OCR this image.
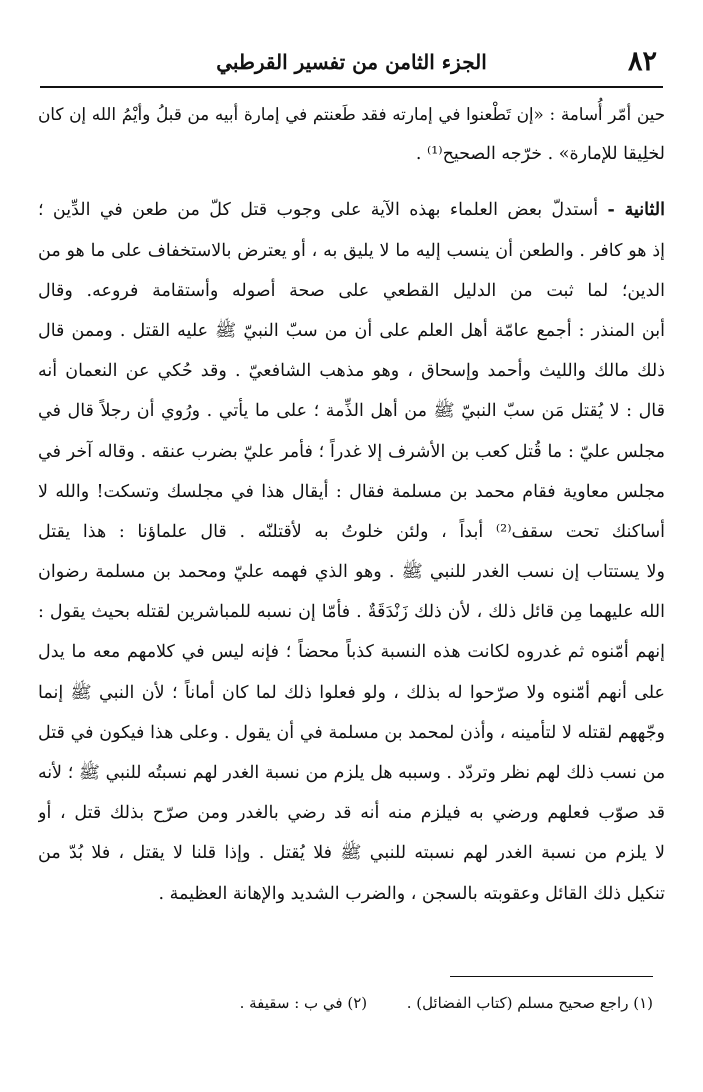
٨٢
الجزء الثامن من تفسير القرطبي
حين أمّر أُسامة : «إن تَطْعنوا في إمارته فقد طَعنتم في إمارة أبيه من قبلُ وأيْمُ الله إن كان
لخلِيقا للإمارة» . خرّجه الصحيح⁽¹⁾ .
الثانية - أستدلّ بعض العلماء بهذه الآية على وجوب قتل كلّ من طعن في الدِّين ؛
إذ هو كافر . والطعن أن ينسب إليه ما لا يليق به ، أو يعترض بالاستخفاف على ما هو من
الدين؛ لما ثبت من الدليل القطعي على صحة أصوله وأستقامة فروعه. وقال
أبن المنذر : أجمع عامّة أهل العلم على أن من سبّ النبيّ ﷺ عليه القتل . وممن قال
ذلك مالك والليث وأحمد وإسحاق ، وهو مذهب الشافعيّ . وقد حُكي عن النعمان أنه
قال : لا يُقتل مَن سبّ النبيّ ﷺ من أهل الذِّمة ؛ على ما يأتي . ورُوي أن رجلاً قال في
مجلس عليّ : ما قُتل كعب بن الأشرف إلا غدراً ؛ فأمر عليّ بضرب عنقه . وقاله آخر في
مجلس معاوية فقام محمد بن مسلمة فقال : أيقال هذا في مجلسك وتسكت! والله لا
أساكنك تحت سقف⁽²⁾ أبداً ، ولئن خلوتُ به لأقتلنّه . قال علماؤنا : هذا يقتل
ولا يستتاب إن نسب الغدر للنبي ﷺ . وهو الذي فهمه عليّ ومحمد بن مسلمة رضوان
الله عليهما مِن قائل ذلك ، لأن ذلك زَنْدَقَةٌ . فأمّا إن نسبه للمباشرين لقتله بحيث يقول :
إنهم أمّنوه ثم غدروه لكانت هذه النسبة كذباً محضاً ؛ فإنه ليس في كلامهم معه ما يدل
على أنهم أمّنوه ولا صرّحوا له بذلك ، ولو فعلوا ذلك لما كان أماناً ؛ لأن النبي ﷺ إنما
وجّههم لقتله لا لتأمينه ، وأذن لمحمد بن مسلمة في أن يقول . وعلى هذا فيكون في قتل
من نسب ذلك لهم نظر وتردّد . وسببه هل يلزم من نسبة الغدر لهم نسبتُه للنبي ﷺ ؛ لأنه
قد صوّب فعلهم ورضي به فيلزم منه أنه قد رضي بالغدر ومن صرّح بذلك قتل ، أو
لا يلزم من نسبة الغدر لهم نسبته للنبي ﷺ فلا يُقتل . وإذا قلنا لا يقتل ، فلا بُدّ من
تنكيل ذلك القائل وعقوبته بالسجن ، والضرب الشديد والإهانة العظيمة .
(١) راجع صحيح مسلم (كتاب الفضائل) .  (٢) في ب : سقيفة .
